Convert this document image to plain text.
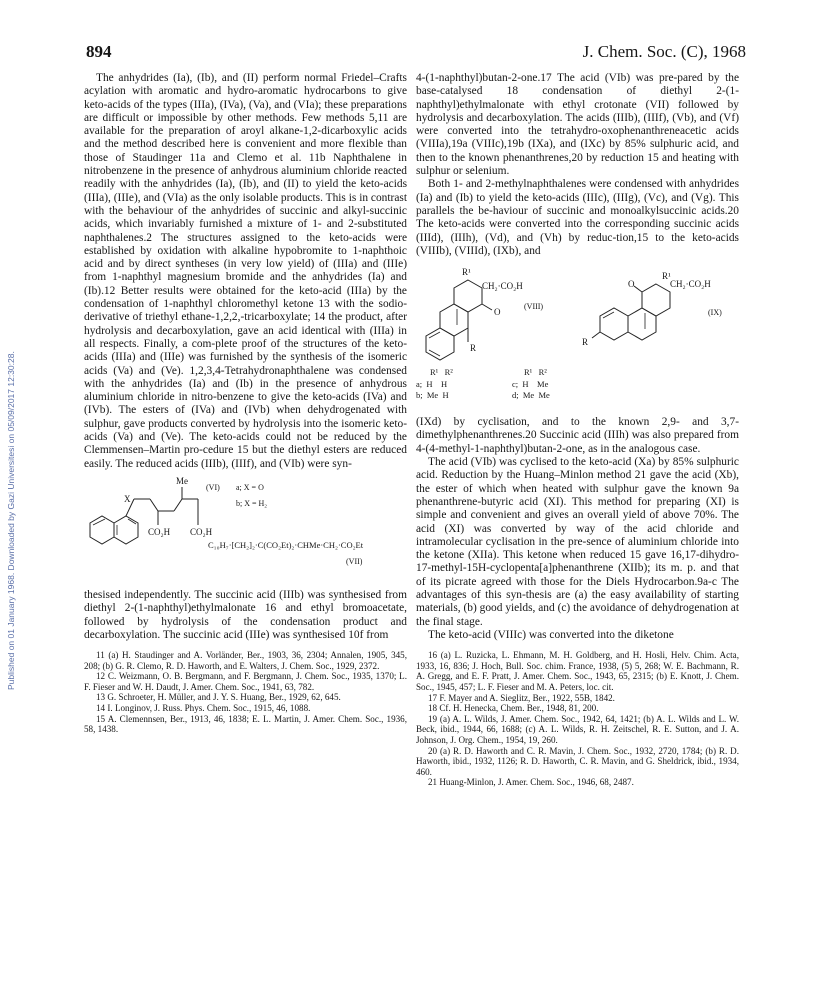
894	J. Chem. Soc. (C), 1968
Published on 01 January 1968. Downloaded by Gazi Universitesi on 05/09/2017 12:30:28.

The anhydrides (Ia), (Ib), and (II) perform normal Friedel–Crafts acylation with aromatic and hydro-aromatic hydrocarbons to give keto-acids of the types (IIIa), (IVa), (Va), and (VIa); these preparations are difficult or impossible by other methods. Few methods 5,11 are available for the preparation of aroyl alkane-1,2-dicarboxylic acids and the method described here is convenient and more flexible than those of Staudinger 11a and Clemo et al. 11b Naphthalene in nitrobenzene in the presence of anhydrous aluminium chloride reacted readily with the anhydrides (Ia), (Ib), and (II) to yield the keto-acids (IIIa), (IIIe), and (VIa) as the only isolable products. This is in contrast with the behaviour of the anhydrides of succinic and alkyl-succinic acids, which invariably furnished a mixture of 1- and 2-substituted naphthalenes.2 The structures assigned to the keto-acids were established by oxidation with alkaline hypobromite to 1-naphthoic acid and by direct syntheses (in very low yield) of (IIIa) and (IIIe) from 1-naphthyl magnesium bromide and the anhydrides (Ia) and (Ib).12 Better results were obtained for the keto-acid (IIIa) by the condensation of 1-naphthyl chloromethyl ketone 13 with the sodio-derivative of triethyl ethane-1,2,2,-tricarboxylate; 14 the product, after hydrolysis and decarboxylation, gave an acid identical with (IIIa) in all respects. Finally, a com-plete proof of the structures of the keto-acids (IIIa) and (IIIe) was furnished by the synthesis of the isomeric acids (Va) and (Ve). 1,2,3,4-Tetrahydronaphthalene was condensed with the anhydrides (Ia) and (Ib) in the presence of anhydrous aluminium chloride in nitro-benzene to give the keto-acids (IVa) and (IVb). The esters of (IVa) and (IVb) when dehydrogenated with sulphur, gave products converted by hydrolysis into the isomeric keto-acids (Va) and (Ve). The keto-acids could not be reduced by the Clemmensen–Martin pro-cedure 15 but the diethyl esters are reduced easily. The reduced acids (IIIb), (IIIf), and (VIb) were syn-

Me
X
(VI) a; X = O
b; X = H₂
CO₂H CO₂H
C₁₀H₇·[CH₂]₂·C(CO₂Et)₂·CHMe·CH₂·CO₂Et
(VII)

thesised independently. The succinic acid (IIIb) was synthesised from diethyl 2-(1-naphthyl)ethylmalonate 16 and ethyl bromoacetate, followed by hydrolysis of the condensation product and decarboxylation. The succinic acid (IIIe) was synthesised 10f from

11 (a) H. Staudinger and A. Vorländer, Ber., 1903, 36, 2304; Annalen, 1905, 345, 208; (b) G. R. Clemo, R. D. Haworth, and E. Walters, J. Chem. Soc., 1929, 2372.

12 C. Weizmann, O. B. Bergmann, and F. Bergmann, J. Chem. Soc., 1935, 1370; L. F. Fieser and W. H. Daudt, J. Amer. Chem. Soc., 1941, 63, 782.

13 G. Schroeter, H. Müller, and J. Y. S. Huang, Ber., 1929, 62, 645.

14 I. Longinov, J. Russ. Phys. Chem. Soc., 1915, 46, 1088.

15 A. Clemennsen, Ber., 1913, 46, 1838; E. L. Martin, J. Amer. Chem. Soc., 1936, 58, 1438.

4-(1-naphthyl)butan-2-one.17 The acid (VIb) was pre-pared by the base-catalysed 18 condensation of diethyl 2-(1-naphthyl)ethylmalonate with ethyl crotonate (VII) followed by hydrolysis and decarboxylation. The acids (IIIb), (IIIf), (Vb), and (Vf) were converted into the tetrahydro-oxophenanthreneacetic acids (VIIIa),19a (VIIIc),19b (IXa), and (IXc) by 85% sulphuric acid, and then to the known phenanthrenes,20 by reduction 15 and heating with sulphur or selenium.

Both 1- and 2-methylnaphthalenes were condensed with anhydrides (Ia) and (Ib) to yield the keto-acids (IIIc), (IIIg), (Vc), and (Vg). This parallels the be-haviour of succinic and monoalkylsuccinic acids.20 The keto-acids were converted into the corresponding succinic acids (IIId), (IIIh), (Vd), and (Vh) by reduc-tion,15 to the keto-acids (VIIIb), (VIIId), (IXb), and

R¹
CH₂·CO₂H
(VIII)
O
R
R¹
CH₂·CO₂H
(IX)
O
R
R¹   R²	R¹   R²
a;  H    H
b;  Me  H
c;  H    Me
d;  Me  Me

(IXd) by cyclisation, and to the known 2,9- and 3,7-dimethylphenanthrenes.20 Succinic acid (IIIh) was also prepared from 4-(4-methyl-1-naphthyl)butan-2-one, as in the analogous case.

The acid (VIb) was cyclised to the keto-acid (Xa) by 85% sulphuric acid. Reduction by the Huang–Minlon method 21 gave the acid (Xb), the ester of which when heated with sulphur gave the known 9a phenanthrene-butyric acid (XI). This method for preparing (XI) is simple and convenient and gives an overall yield of above 70%. The acid (XI) was converted by way of the acid chloride and intramolecular cyclisation in the pre-sence of aluminium chloride into the ketone (XIIa). This ketone when reduced 15 gave 16,17-dihydro-17-methyl-15H-cyclopenta[a]phenanthrene (XIIb); its m. p. and that of its picrate agreed with those for the Diels Hydrocarbon.9a-c The advantages of this syn-thesis are (a) the easy availability of starting materials, (b) good yields, and (c) the avoidance of dehydrogenation at the final stage.

The keto-acid (VIIIc) was converted into the diketone

16 (a) L. Ruzicka, L. Ehmann, M. H. Goldberg, and H. Hosli, Helv. Chim. Acta, 1933, 16, 836; J. Hoch, Bull. Soc. chim. France, 1938, (5) 5, 268; W. E. Bachmann, R. A. Gregg, and E. F. Pratt, J. Amer. Chem. Soc., 1943, 65, 2315; (b) E. Knott, J. Chem. Soc., 1945, 457; L. F. Fieser and M. A. Peters, loc. cit.

17 F. Mayer and A. Sieglitz, Ber., 1922, 55B, 1842.

18 Cf. H. Henecka, Chem. Ber., 1948, 81, 200.

19 (a) A. L. Wilds, J. Amer. Chem. Soc., 1942, 64, 1421; (b) A. L. Wilds and L. W. Beck, ibid., 1944, 66, 1688; (c) A. L. Wilds, R. H. Zeitschel, R. E. Sutton, and J. A. Johnson, J. Org. Chem., 1954, 19, 260.

20 (a) R. D. Haworth and C. R. Mavin, J. Chem. Soc., 1932, 2720, 1784; (b) R. D. Haworth, ibid., 1932, 1126; R. D. Haworth, C. R. Mavin, and G. Sheldrick, ibid., 1934, 460.

21 Huang-Minlon, J. Amer. Chem. Soc., 1946, 68, 2487.
